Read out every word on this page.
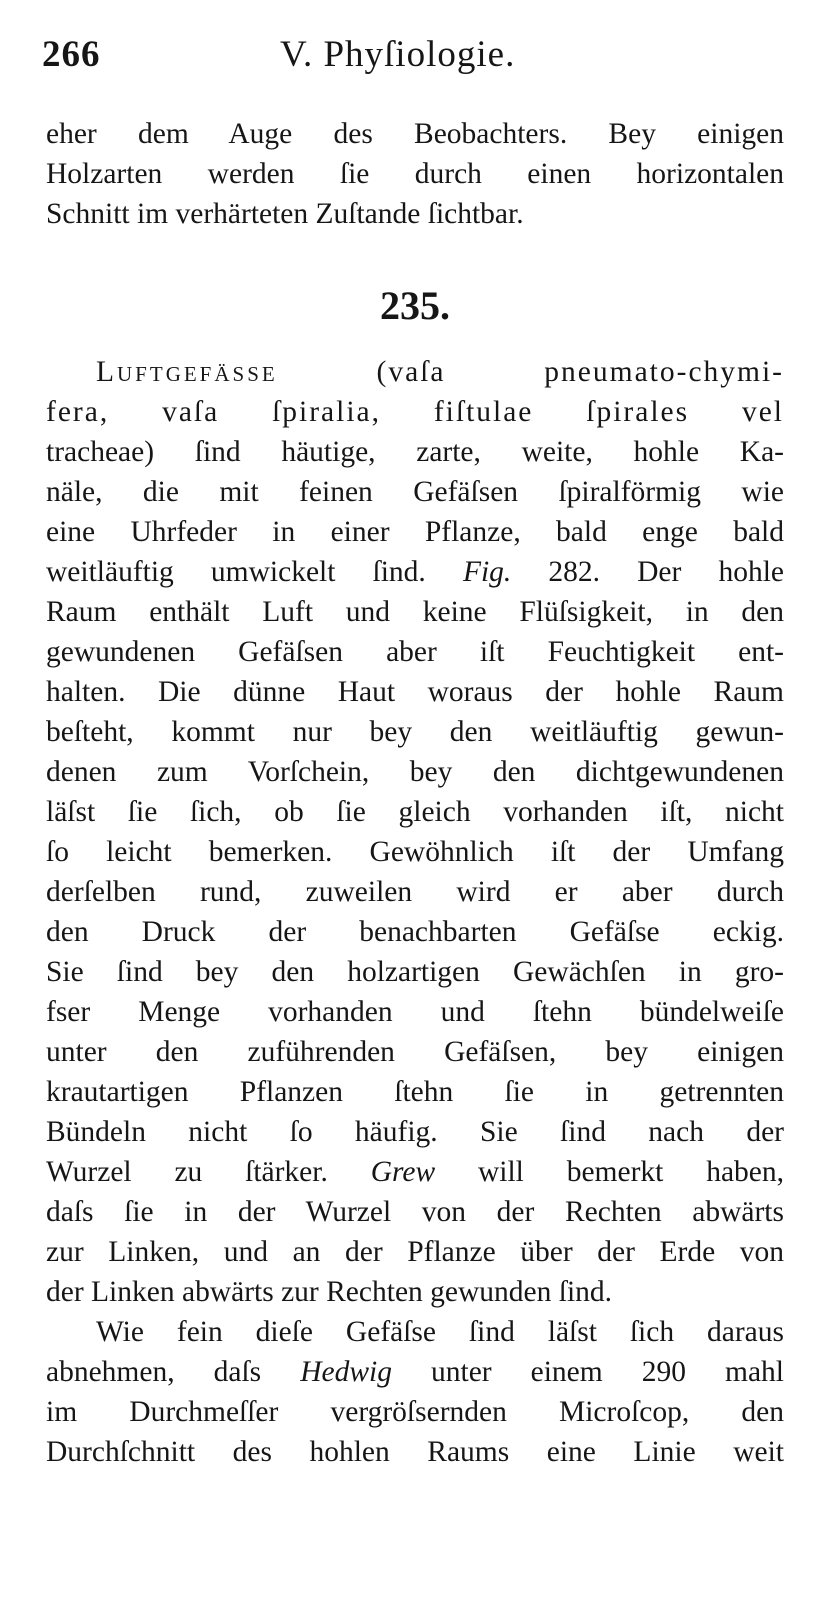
266	V. Phyſiologie.
eher dem Auge des Beobachters. Bey einigen
Holzarten werden ſie durch einen horizontalen
Schnitt im verhärteten Zuſtande ſichtbar.
235.
Luftgefässe (vaſa pneumato-chymi-
fera, vaſa ſpiralia, fiſtulae ſpirales vel
tracheae) ſind häutige, zarte, weite, hohle Ka-
näle, die mit feinen Gefäſsen ſpiralförmig wie
eine Uhrfeder in einer Pflanze, bald enge bald
weitläuftig umwickelt ſind. Fig. 282. Der hohle
Raum enthält Luft und keine Flüſsigkeit, in den
gewundenen Gefäſsen aber iſt Feuchtigkeit ent-
halten. Die dünne Haut woraus der hohle Raum
beſteht, kommt nur bey den weitläuftig gewun-
denen zum Vorſchein, bey den dichtgewundenen
läſst ſie ſich, ob ſie gleich vorhanden iſt, nicht
ſo leicht bemerken. Gewöhnlich iſt der Umfang
derſelben rund, zuweilen wird er aber durch
den Druck der benachbarten Gefäſse eckig.
Sie ſind bey den holzartigen Gewächſen in gro-
fser Menge vorhanden und ſtehn bündelweiſe
unter den zuführenden Gefäſsen, bey einigen
krautartigen Pflanzen ſtehn ſie in getrennten
Bündeln nicht ſo häufig. Sie ſind nach der
Wurzel zu ſtärker. Grew will bemerkt haben,
daſs ſie in der Wurzel von der Rechten abwärts
zur Linken, und an der Pflanze über der Erde von
der Linken abwärts zur Rechten gewunden ſind.
Wie fein dieſe Gefäſse ſind läſst ſich daraus
abnehmen, daſs Hedwig unter einem 290 mahl
im Durchmeſſer vergröſsernden Microſcop, den
Durchſchnitt des hohlen Raums eine Linie weit
